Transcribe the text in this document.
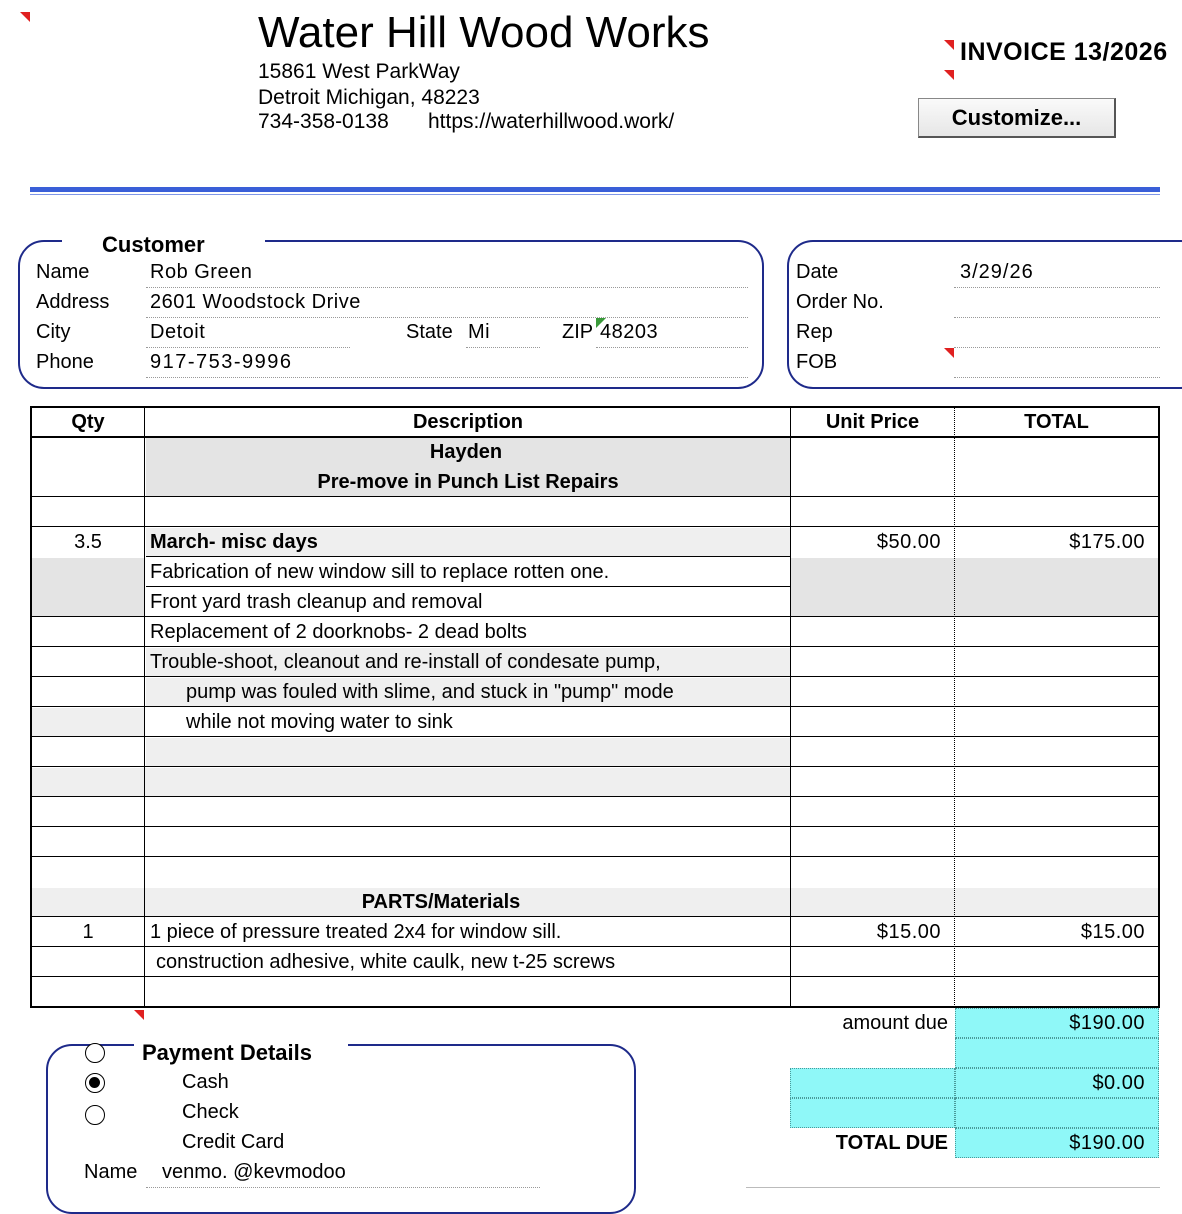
Water Hill Wood Works
15861 West ParkWay
Detroit Michigan, 48223
734-358-0138 https://waterhillwood.work/
INVOICE 13/2026
Customize...
Customer
Name	Rob Green
Address 2601 Woodstock Drive
City	Detoit	State Mi	ZIP 48203
Phone	917-753-9996
Date	3/29/26
Order No.
Rep
FOB
Qty	Description	Unit Price	TOTAL
Hayden
Pre-move in Punch List Repairs
3.5	March- misc days	$50.00	$175.00
Fabrication of new window sill to replace rotten one.
Front yard trash cleanup and removal
Replacement of 2 doorknobs- 2 dead bolts
Trouble-shoot, cleanout and re-install of condesate pump,
pump was fouled with slime, and stuck in "pump" mode
while not moving water to sink
PARTS/Materials
1	1 piece of pressure treated 2x4 for window sill.	$15.00	$15.00
construction adhesive, white caulk, new t-25 screws
amount due	$190.00
$0.00
TOTAL DUE	$190.00
Payment Details
Cash
Check
Credit Card
Name venmo. @kevmodoo
